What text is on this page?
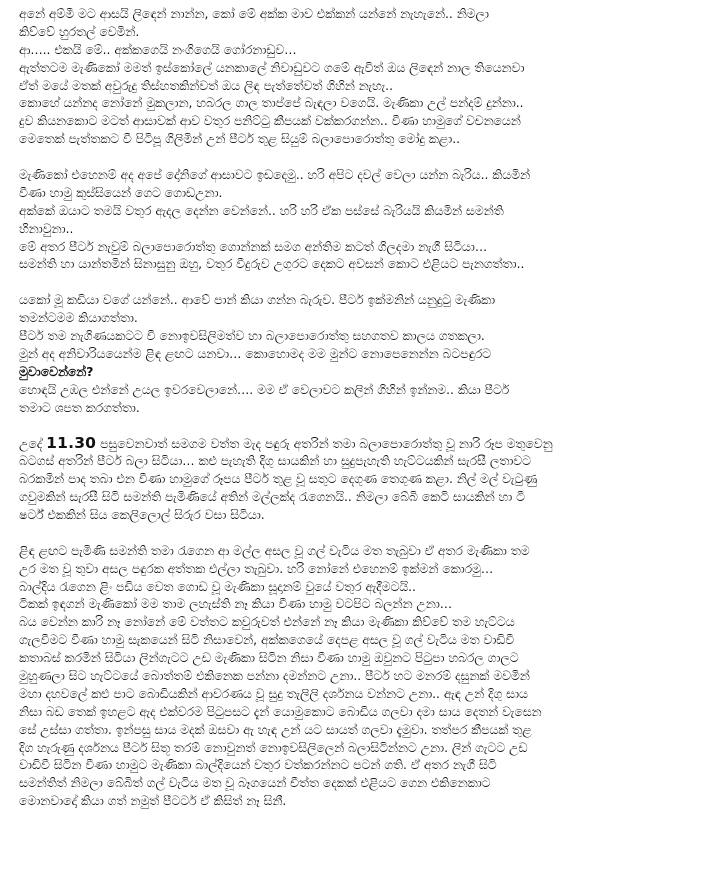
අනේ අම්මී මට ආසයි ලිඳෙන් නාන්න, කෝ මේ අක්ක මාව එක්කන් යන්නේ නැහැනේ.. නිමලා
කිව්වේ හුරතල් වෙමින්.
ආ….. එකයි මේ.. අක්කගෙයි නංගිගෙයි ගෝරනාඩුව…
ඇත්තටම මැණිකෝ මමත් ඉස්කෝලේ යනකාලේ නිවාඩුවට ගමේ ඇවිත් ඔය ලිඳෙන් නාල තියෙනවා
ඒත් මයේ මතක් අවුරුදු තිස්හතකින්වත් ඔය ලිඳ පැත්තේවත් ගිහින් නැහැ..
කොහේ යන්නද නෝනේ මුකලාන, හබරල ගාල තාප්පේ බැඳලා වගෙයි. මැණිකා උල් පන්දම් දුන්නා..
දුව කියනකොට මටත් ආසාවක් ආව වතුර පනිට්ටු කීපයක් වක්කරගන්න.. වීණා හාමුගේ වචනයෙන්
මෙතෙක් පැත්තකට වී පිටිපූ ගිලිමින් උන් පීටර් තුළ සියුම් බලාපොරොත්තු මෝදු කළා..
මැණිකෝ එහෙනම් අද අපේ දෝනිගේ ආසාවට ඉඩදෙමු.. හරි අපිට දවල් වෙලා යන්න බැරිය.. කියමින්
වීණා හාමු කුස්සියෙන් ගෙට ගොඩඋනා.
අක්කේ ඔයාට තමයි වතුර ඇදල දෙන්න වෙන්නේ.. හරි හරි ඒක පස්සේ බැරියයි කියමින් සමන්ති
හිනාවුනා..
මේ අතර පීටර් නැවුම් බලාපොරොත්තු ගොන්නක් සමග අන්තිම කටත් ගිලදමා නැගී සිටියා…
සමන්ති හා යාන්තමින් සිනාසුනු ඔහු, වතුර වීදුරුව උගුරට දෙකට අවසන් කොට එළියට පැනගත්තා..
යකෝ මූ කඩියා වගේ යන්නේ.. ආවේ පාන් කියා ගන්න බැරුව. පීටර් ඉක්මනින් යනුදුටු මැණිකා
තමන්ටමම කියාගත්තා.
පීටර් තම නැගිණයකටට වී නොඉවසිලිමත්ව හා බලාපොරොත්තු සහගතව කාලය ගතකලා.
මුන් අද අනිවාරියයෙන්ම ළිඳ ළඟට යනවා… කොහොමද මම මුන්ට නොපෙනෙන්න බටපඳුරට
මුවාවෙන්නේ?
හොඳයි උඹල එන්නේ උයල ඉවරවෙලානේ…. මම ඒ වෙලාවට කලින් ගිහින් ඉන්නම.. කියා පීටර්
තමාට ශපත කරගත්තා.
උදේ 11.30 පසුවෙනවාත් සමගම වත්ත මැද පඳුරු අතරින් තමා බලාපොරොත්තු වූ නාරි රූප මතුවෙනු
බටගස් අතරින් පීටර් බලා සිටියා… කළු පැහැති දිගු සායකින් හා සුදුපැහැති හැට්ටයකින් සැරසී ලතාවට
බරකමින් පාද තබා එන වීණා හාමුගේ රූපය පීටර් තුළ වූ සතුට දෙගුණ තෙගුණ කළා. නිල් මල් වැටුණු
ගවුමකින් සැරසී සිටි සමන්ති පැමිණියේ අතින් මල්ලක්ද රැගෙනයි.. නිමලා බේබි කෙටි සායකින් හා ටී
ෂර්ට් එකකින් සිය කෙලිලොල් සිරුර වසා සිටියා.
ළිඳ ළඟට පැමිණි සමන්ති තමා රැගෙන ආ මල්ල අසල වූ ගල් වැටිය මත තැබුවා ඒ අතර මැණිකා තම
උර මත වූ තුවා අසල පඳුරක අත්තක එල්ලා තැබුවා. හරි නෝනේ එහෙනම් ඉක්මන් කොරමු…
බාල්දිය රැගෙන ළිං පඩිය වෙත ගොඩ වූ මැණිකා සූදානම් වුයේ වතුර ඇදීමටයි..
ටිකක් ඉඳගන් මැණිකෝ මම තාම ලහැස්ති නෑ කියා වීණා හාමු වටපිට බලන්න උනා…
බය වෙන්න කාරි නෑ නෝනේ මේ වත්තට කවුරුවත් එන්නේ නෑ කියා මැණිකා කිව්වේ තම හැට්ටය
ගැලවීමට වීණා හාමු සැකයෙන් සිටි නිසාවෙන්, අක්කගෙයේ දෙපළ අසල වූ ගල් වැටිය මත වාඩිවී
කතාබස් කරමින් සිටියා ලින්ගැටට උඩ මැණිකා සිටින නිසා වීණා හාමු ඔවුනට පිටුපා හබරල ගාලට
මුහුණලා සිට හැට්ටයේ බොත්තම් එකිනෙක පන්නා දමන්නට උනා.. පීටර් හට මනරම් දසුනක් මවමින්
මහා දහවලේ කළු පාට බොඩියකින් ආවරණය වූ සුදු තැලිලි දර්ශනය වන්නට උනා.. ඇඳ උන් දිගු සාය
නිසා බඩ තෙක් ඉහළට ඇද එක්වරම පිටුපසට දැන් යොමුකොට බොඩිය ගලවා දමා සාය දෙතන් වැසෙන
සේ උස්සා ගත්තා. ඉන්පසු සාය මදක් ඔසවා ඇ හැඳ උන් යට සායත් ගලවා දැමුවා. තත්පර කීපයක් තුළ
දිග හැරුණු දර්ශනය පීටර් සිතූ තරම් නොවුනත් නොඉවසිලිලෙන් බලාසිටින්නට උනා. ලින් ගැටට උඩ
වාඩිවී සිටින වීණා හාමුට මැණිකා බාල්දියෙන් වතුර වත්කරන්නට පටන් ගති. ඒ අතර නැගී සිටි
සමන්තිත් නිමලා බේබිත් ගල් වැටිය මත වූ බෑගයෙන් චීත්ත දෙකක් එළියට ගෙන එකිනෙකාට
මොනවාදෝ කියා ගත් නමුත් පීටර්ට ඒ කිසිත් නෑ සිනී.
